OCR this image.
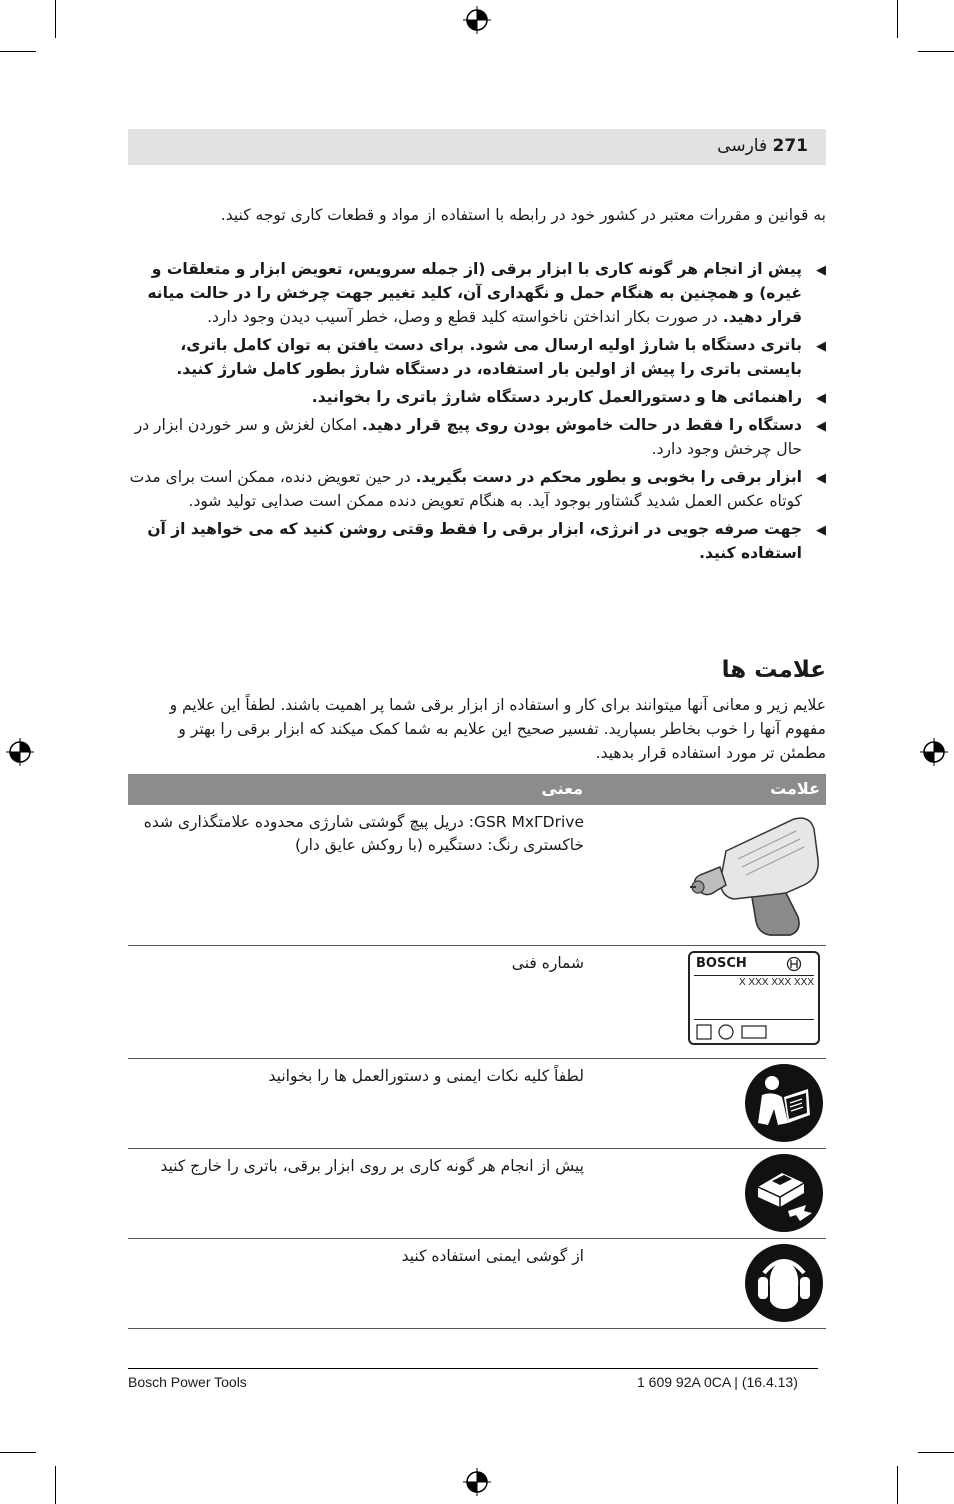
271 فارسی
به قوانین و مقررات معتبر در کشور خود در رابطه با استفاده از مواد و قطعات کاری توجه کنید.
◀
پیش از انجام هر گونه کاری با ابزار برقی (از جمله سرویس، تعویض ابزار و متعلقات و غیره) و همچنین به هنگام حمل و نگهداری آن، کلید تغییر جهت چرخش را در حالت میانه قرار دهید. در صورت بکار انداختن ناخواسته کلید قطع و وصل، خطر آسیب دیدن وجود دارد.
◀
باتری دستگاه با شارژ اولیه ارسال می شود. برای دست یافتن به توان کامل باتری، بایستی باتری را پیش از اولین بار استفاده، در دستگاه شارژ بطور کامل شارژ کنید.
◀
راهنمائی ها و دستورالعمل کاربرد دستگاه شارژ باتری را بخوانید.
◀
دستگاه را فقط در حالت خاموش بودن روی پیچ قرار دهید. امکان لغزش و سر خوردن ابزار در حال چرخش وجود دارد.
◀
ابزار برقی را بخوبی و بطور محکم در دست بگیرید. در حین تعویض دنده، ممکن است برای مدت کوتاه عکس العمل شدید گشتاور بوجود آید. به هنگام تعویض دنده ممکن است صدایی تولید شود.
◀
جهت صرفه جویی در انرژی، ابزار برقی را فقط وقتی روشن کنید که می خواهید از آن استفاده کنید.
علامت ها
علایم زیر و معانی آنها میتوانند برای کار و استفاده از ابزار برقی شما پر اهمیت باشند. لطفاً این علایم و مفهوم آنها را خوب بخاطر بسپارید. تفسیر صحیح این علایم به شما کمک میکند که ابزار برقی را بهتر و مطمئن تر مورد استفاده قرار بدهید.
علامت
معنی
GSR MxΓDrive: دریل پیچ گوشتی شارژی محدوده علامتگذاری شده خاکستری رنگ: دستگیره (با روکش عایق دار)
BOSCH
X XXX XXX XXX
شماره فنی
لطفاً کلیه نکات ایمنی و دستورالعمل ها را بخوانید
پیش از انجام هر گونه کاری بر روی ابزار برقی، باتری را خارج کنید
از گوشی ایمنی استفاده کنید
Bosch Power Tools	1 609 92A 0CA | (16.4.13)
